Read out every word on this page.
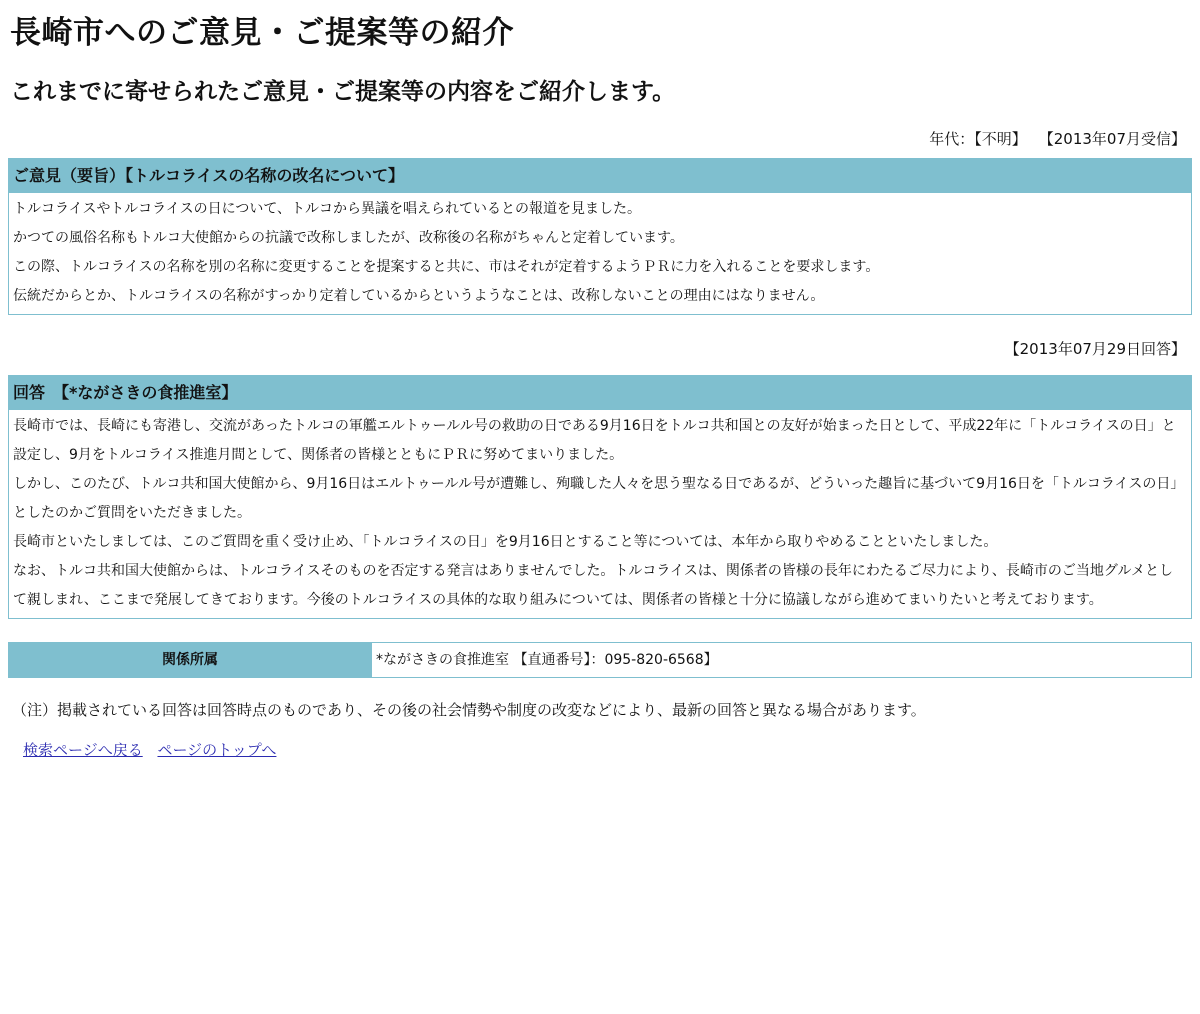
長崎市へのご意見・ご提案等の紹介
これまでに寄せられたご意見・ご提案等の内容をご紹介します。
年代：【不明】 【2013年07月受信】
ご意見（要旨）【トルコライスの名称の改名について】

トルコライスやトルコライスの日について、トルコから異議を唱えられているとの報道を見ました。

かつての風俗名称もトルコ大使館からの抗議で改称しましたが、改称後の名称がちゃんと定着しています。

この際、トルコライスの名称を別の名称に変更することを提案すると共に、市はそれが定着するようＰＲに力を入れることを要求します。

伝統だからとか、トルコライスの名称がすっかり定着しているからというようなことは、改称しないことの理由にはなりません。

【2013年07月29日回答】
回答　【*ながさきの食推進室】

長崎市では、長崎にも寄港し、交流があったトルコの軍艦エルトゥールル号の救助の日である9月16日をトルコ共和国との友好が始まった日として、平成22年に「トルコライスの日」と設定し、9月をトルコライス推進月間として、関係者の皆様とともにＰＲに努めてまいりました。

しかし、このたび、トルコ共和国大使館から、9月16日はエルトゥールル号が遭難し、殉職した人々を思う聖なる日であるが、どういった趣旨に基づいて9月16日を「トルコライスの日」としたのかご質問をいただきました。

長崎市といたしましては、このご質問を重く受け止め、「トルコライスの日」を9月16日とすること等については、本年から取りやめることといたしました。

なお、トルコ共和国大使館からは、トルコライスそのものを否定する発言はありませんでした。トルコライスは、関係者の皆様の長年にわたるご尽力により、長崎市のご当地グルメとして親しまれ、ここまで発展してきております。今後のトルコライスの具体的な取り組みについては、関係者の皆様と十分に協議しながら進めてまいりたいと考えております。

関係所属	*ながさきの食推進室 【直通番号】：095-820-6568】
（注）掲載されている回答は回答時点のものであり、その後の社会情勢や制度の改変などにより、最新の回答と異なる場合があります。
検索ページへ戻る ページのトップへ
